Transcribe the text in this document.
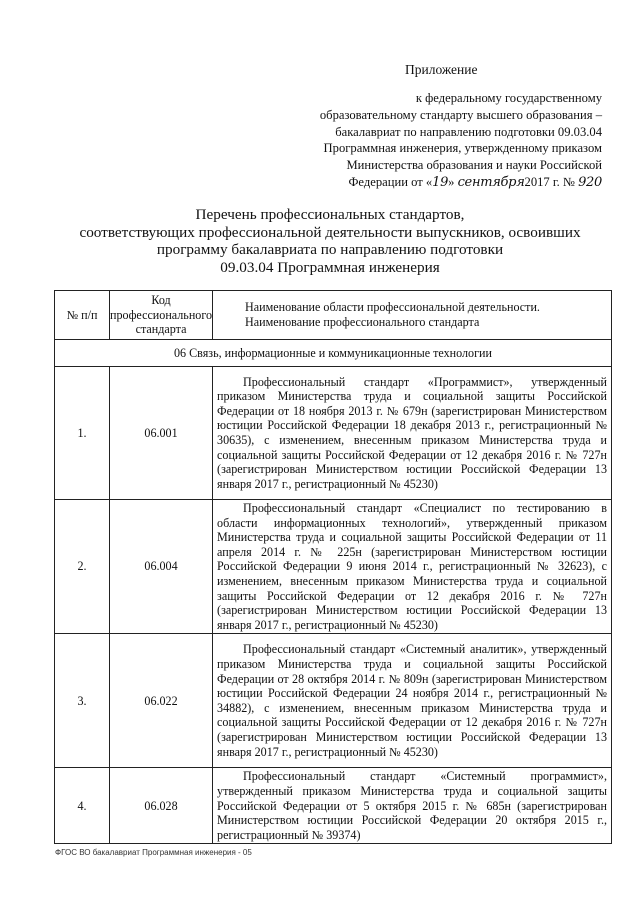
Приложение
к федеральному государственному
образовательному стандарту высшего образования –
бакалавриат по направлению подготовки 09.03.04
Программная инженерия, утвержденному приказом
Министерства образования и науки Российской
Федерации от «19» сентября2017 г. № 920
Перечень профессиональных стандартов,
соответствующих профессиональной деятельности выпускников, освоивших
программу бакалавриата по направлению подготовки
09.03.04 Программная инженерия
№ п/п	Код профессионального стандарта	Наименование области профессиональной деятельности.
Наименование профессионального стандарта

06 Связь, информационные и коммуникационные технологии		
1.	06.001	Профессиональный стандарт «Программист», утвержденный приказом Министерства труда и социальной защиты Российской Федерации от 18 ноября 2013 г. № 679н (зарегистрирован Министерством юстиции Российской Федерации 18 декабря 2013 г., регистрационный № 30635), с изменением, внесенным приказом Министерства труда и социальной защиты Российской Федерации от 12 декабря 2016 г. № 727н (зарегистрирован Министерством юстиции Российской Федерации 13 января 2017 г., регистрационный № 45230)
2.	06.004	Профессиональный стандарт «Специалист по тестированию в области информационных технологий», утвержденный приказом Министерства труда и социальной защиты Российской Федерации от 11 апреля 2014 г. № 225н (зарегистрирован Министерством юстиции Российской Федерации 9 июня 2014 г., регистрационный № 32623), с изменением, внесенным приказом Министерства труда и социальной защиты Российской Федерации от 12 декабря 2016 г. № 727н (зарегистрирован Министерством юстиции Российской Федерации 13 января 2017 г., регистрационный № 45230)
3.	06.022	Профессиональный стандарт «Системный аналитик», утвержденный приказом Министерства труда и социальной защиты Российской Федерации от 28 октября 2014 г. № 809н (зарегистрирован Министерством юстиции Российской Федерации 24 ноября 2014 г., регистрационный № 34882), с изменением, внесенным приказом Министерства труда и социальной защиты Российской Федерации от 12 декабря 2016 г. № 727н (зарегистрирован Министерством юстиции Российской Федерации 13 января 2017 г., регистрационный № 45230)
4.	06.028	Профессиональный стандарт «Системный программист», утвержденный приказом Министерства труда и социальной защиты Российской Федерации от 5 октября 2015 г. № 685н (зарегистрирован Министерством юстиции Российской Федерации 20 октября 2015 г., регистрационный № 39374)
ФГОС ВО бакалавриат Программная инженерия - 05
